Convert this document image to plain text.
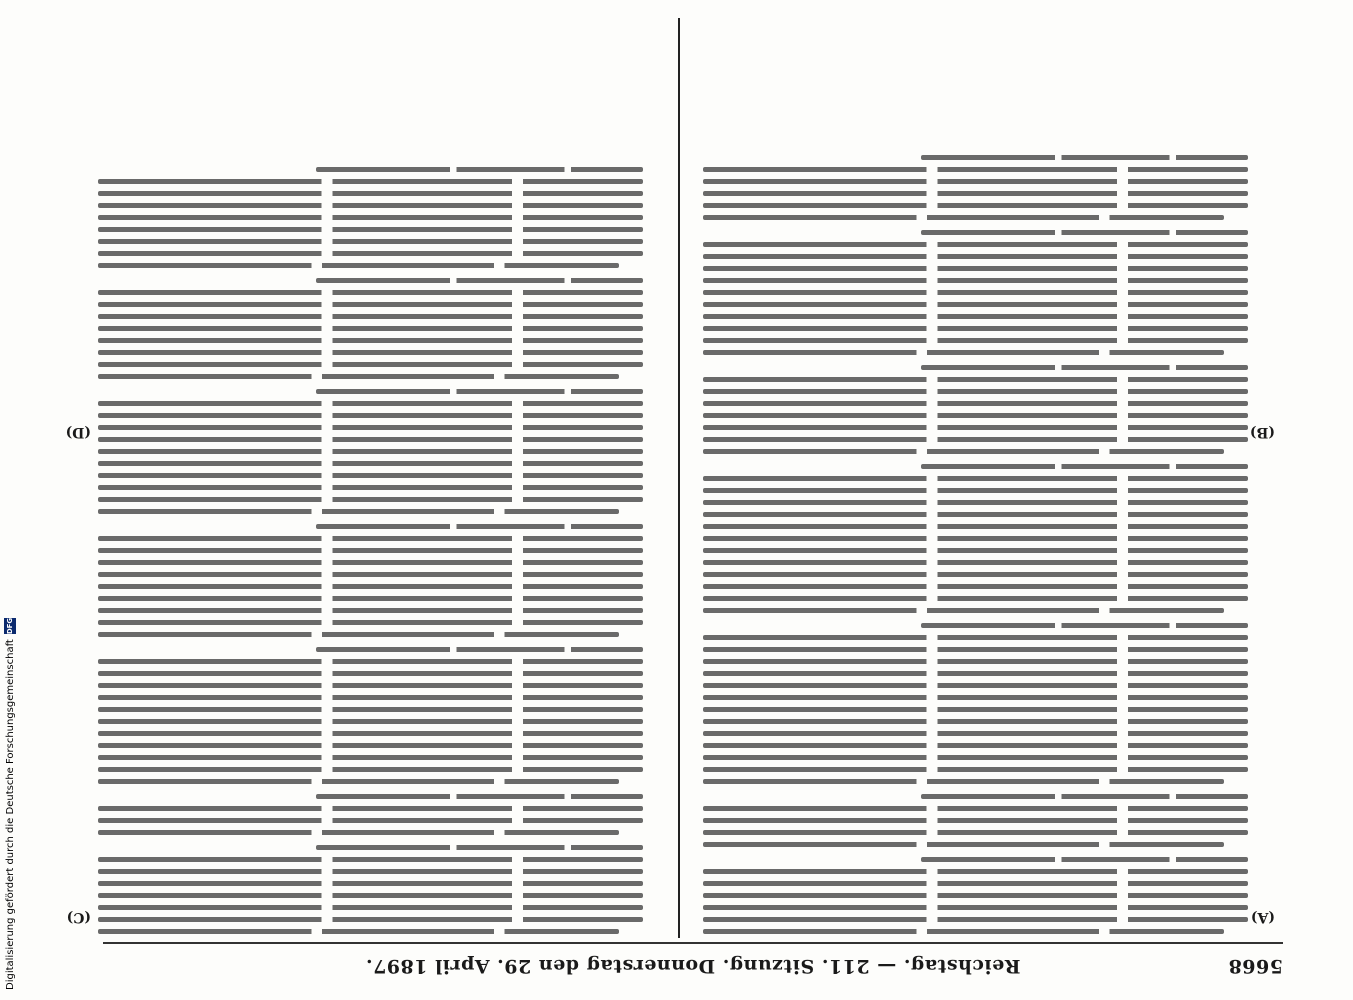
5668
Reichstag. — 211. Sitzung. Donnerstag den 29. April 1897.
(A)
(B)
(C)
(D)
Digitalisierung gefördert durch die Deutsche Forschungsgemeinschaft
DFG
